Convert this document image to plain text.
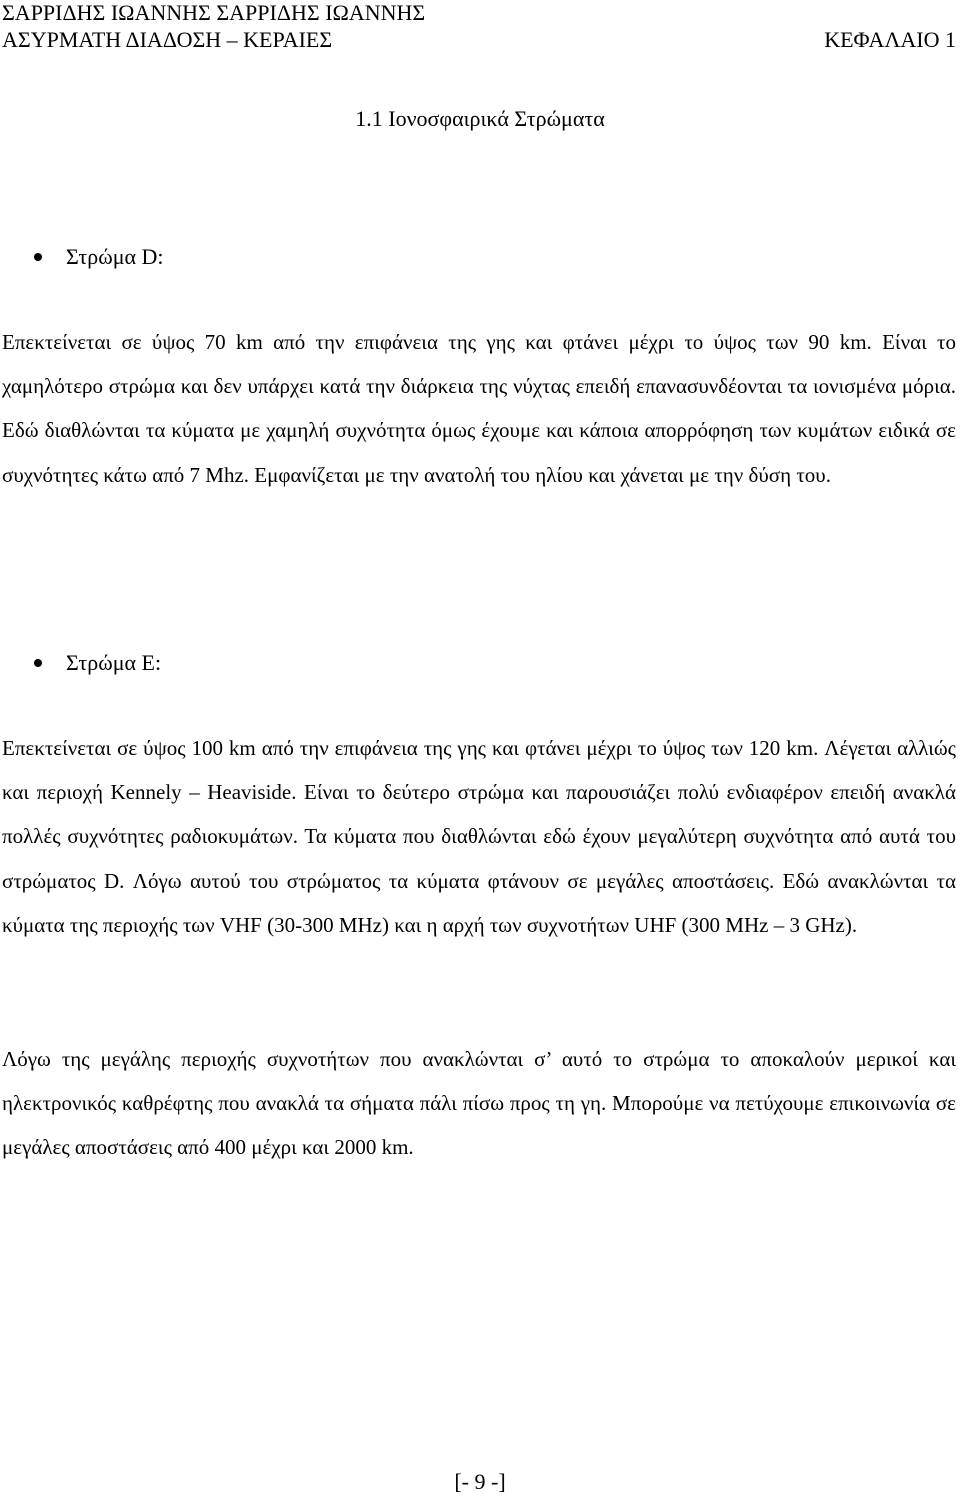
ΣΑΡΡΙΔΗΣ ΙΩΑΝΝΗΣ ΣΑΡΡΙΔΗΣ ΙΩΑΝΝΗΣ
ΑΣΥΡΜΑΤΗ ΔΙΑΔΟΣΗ – ΚΕΡΑΙΕΣ	ΚΕΦΑΛΑΙΟ 1
1.1 Ιονοσφαιρικά Στρώματα
Στρώμα D:
Επεκτείνεται σε ύψος 70 km από την επιφάνεια της γης και φτάνει μέχρι το ύψος των 90 km. Είναι το χαμηλότερο στρώμα και δεν υπάρχει κατά την διάρκεια της νύχτας επειδή επανασυνδέονται τα ιονισμένα μόρια. Εδώ διαθλώνται τα κύματα με χαμηλή συχνότητα όμως έχουμε και κάποια απορρόφηση των κυμάτων ειδικά σε συχνότητες κάτω από 7 Mhz. Εμφανίζεται με την ανατολή του ηλίου και χάνεται με την δύση του.
Στρώμα E:
Επεκτείνεται σε ύψος 100 km από την επιφάνεια της γης και φτάνει μέχρι το ύψος των 120 km. Λέγεται αλλιώς και περιοχή Kennely – Heaviside. Είναι το δεύτερο στρώμα και παρουσιάζει πολύ ενδιαφέρον επειδή ανακλά πολλές συχνότητες ραδιοκυμάτων. Τα κύματα που διαθλώνται εδώ έχουν μεγαλύτερη συχνότητα από αυτά του στρώματος D. Λόγω αυτού του στρώματος τα κύματα φτάνουν σε μεγάλες αποστάσεις. Εδώ ανακλώνται τα κύματα της περιοχής των VHF (30-300 MHz) και η αρχή των συχνοτήτων UHF (300 MHz – 3 GHz).
Λόγω της μεγάλης περιοχής συχνοτήτων που ανακλώνται σ’ αυτό το στρώμα το αποκαλούν μερικοί και ηλεκτρονικός καθρέφτης που ανακλά τα σήματα πάλι πίσω προς τη γη. Μπορούμε να πετύχουμε επικοινωνία σε μεγάλες αποστάσεις από 400 μέχρι και 2000 km.
[- 9 -]
